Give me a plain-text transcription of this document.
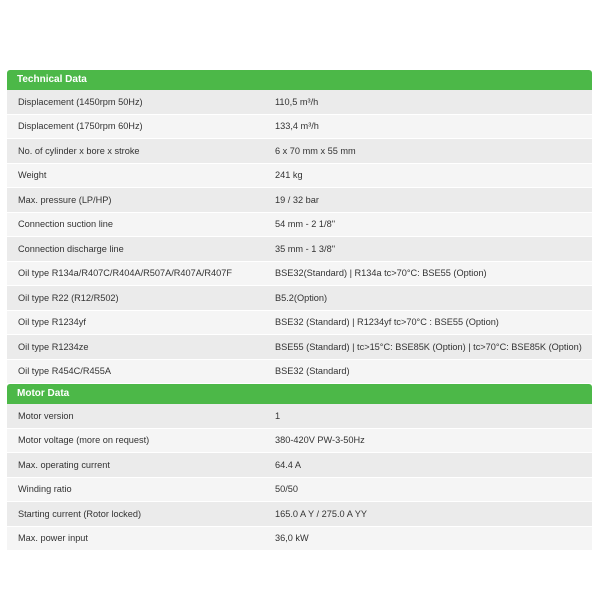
Technical Data
Displacement (1450rpm 50Hz)	110,5 m³/h
Displacement (1750rpm 60Hz)	133,4 m³/h
No. of cylinder x bore x stroke	6 x 70 mm x 55 mm
Weight	241 kg
Max. pressure (LP/HP)	19 / 32 bar
Connection suction line	54 mm - 2 1/8''
Connection discharge line	35 mm - 1 3/8''
Oil type R134a/R407C/R404A/R507A/R407A/R407F	BSE32(Standard) | R134a tc>70°C: BSE55 (Option)
Oil type R22 (R12/R502)	B5.2(Option)
Oil type R1234yf	BSE32 (Standard) | R1234yf tc>70°C : BSE55 (Option)
Oil type R1234ze	BSE55 (Standard) | tc>15°C: BSE85K (Option) | tc>70°C: BSE85K (Option)
Oil type R454C/R455A	BSE32 (Standard)
Motor Data
Motor version	1
Motor voltage (more on request)	380-420V PW-3-50Hz
Max. operating current	64.4 A
Winding ratio	50/50
Starting current (Rotor locked)	165.0 A Y / 275.0 A YY
Max. power input	36,0 kW
